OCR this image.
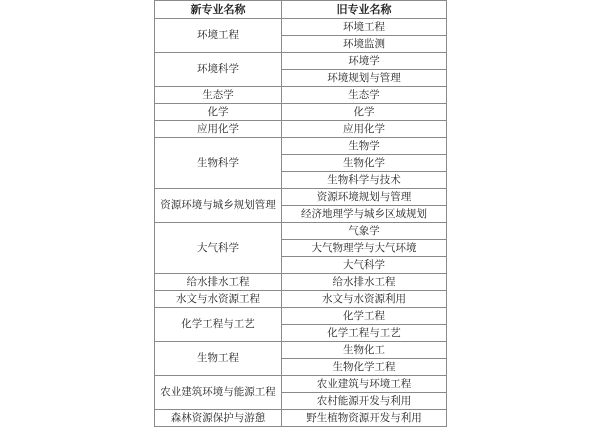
新专业名称	旧专业名称
环境工程	环境工程
	环境监测
环境科学	环境学
	环境规划与管理
生态学	生态学
化学	化学
应用化学	应用化学
生物科学	生物学
	生物化学
	生物科学与技术
资源环境与城乡规划管理	资源环境规划与管理
	经济地理学与城乡区域规划
大气科学	气象学
	大气物理学与大气环境
	大气科学
给水排水工程	给水排水工程
水文与水资源工程	水文与水资源利用
化学工程与工艺	化学工程
	化学工程与工艺
生物工程	生物化工
	生物化学工程
农业建筑环境与能源工程	农业建筑与环境工程
	农村能源开发与利用
森林资源保护与游憩	野生植物资源开发与利用
